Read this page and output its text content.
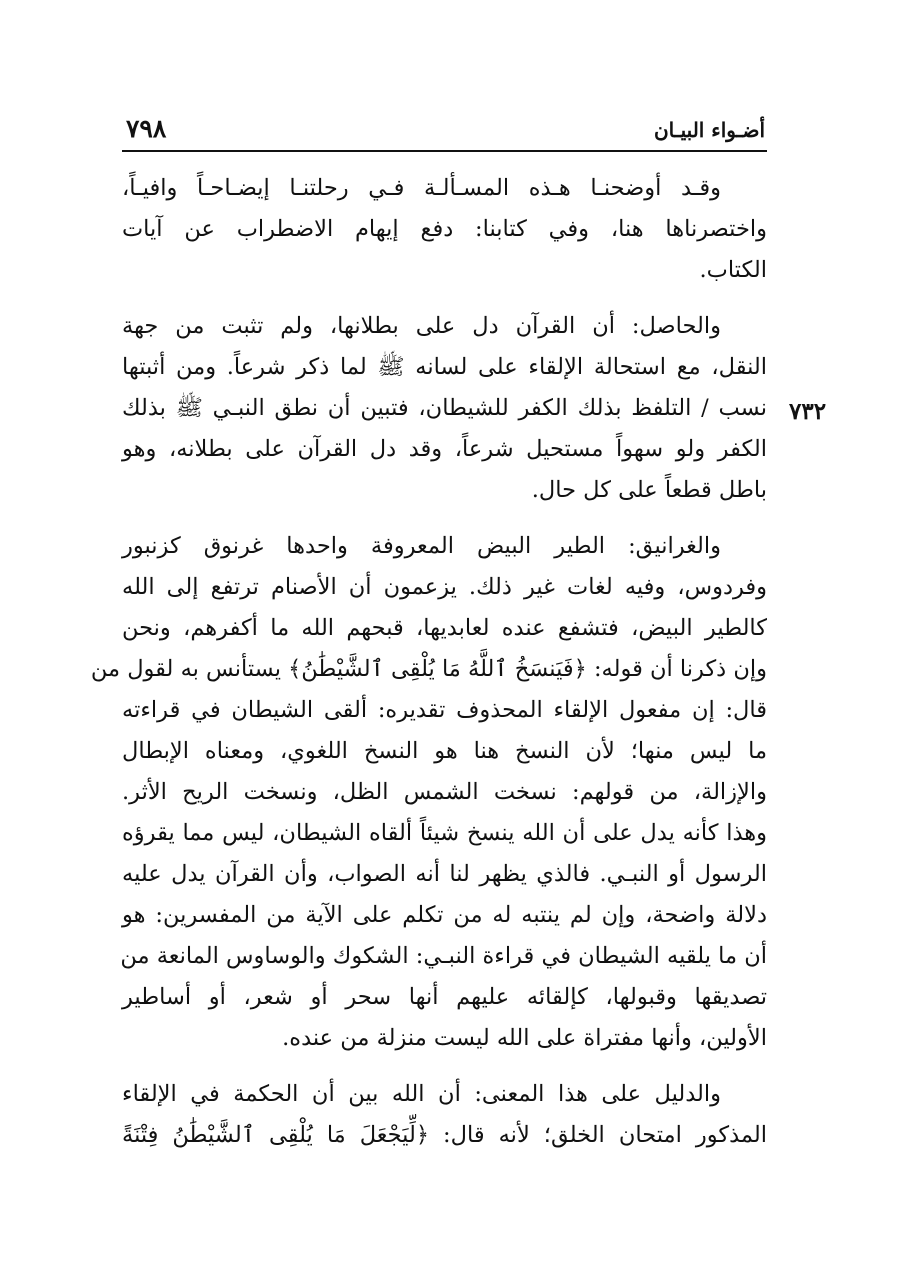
أضـواء البيـان
٧٩٨
٧٣٢

وقـد أوضحنـا هـذه المسـألـة فـي رحلتنـا إيضـاحـاً وافيـاً،
واختصرناها هنا، وفي كتابنا: دفع إيهام الاضطراب عن آيات
الكتاب.

والحاصل: أن القرآن دل على بطلانها، ولم تثبت من جهة
النقل، مع استحالة الإلقاء على لسانه ﷺ لما ذكر شرعاً. ومن أثبتها
نسب / التلفظ بذلك الكفر للشيطان، فتبين أن نطق النبـي ﷺ بذلك
الكفر ولو سهواً مستحيل شرعاً، وقد دل القرآن على بطلانه، وهو
باطل قطعاً على كل حال.

والغرانيق: الطير البيض المعروفة واحدها غرنوق كزنبور
وفردوس، وفيه لغات غير ذلك. يزعمون أن الأصنام ترتفع إلى الله
كالطير البيض، فتشفع عنده لعابديها، قبحهم الله ما أكفرهم، ونحن
وإن ذكرنا أن قوله: ﴿فَيَنسَخُ ٱللَّهُ مَا يُلْقِى ٱلشَّيْطَٰنُ﴾ يستأنس به لقول من
قال: إن مفعول الإلقاء المحذوف تقديره: ألقى الشيطان في قراءته
ما ليس منها؛ لأن النسخ هنا هو النسخ اللغوي، ومعناه الإبطال
والإزالة، من قولهم: نسخت الشمس الظل، ونسخت الريح الأثر.
وهذا كأنه يدل على أن الله ينسخ شيئاً ألقاه الشيطان، ليس مما يقرؤه
الرسول أو النبـي. فالذي يظهر لنا أنه الصواب، وأن القرآن يدل عليه
دلالة واضحة، وإن لم ينتبه له من تكلم على الآية من المفسرين: هو
أن ما يلقيه الشيطان في قراءة النبـي: الشكوك والوساوس المانعة من
تصديقها وقبولها، كإلقائه عليهم أنها سحر أو شعر، أو أساطير
الأولين، وأنها مفتراة على الله ليست منزلة من عنده.

والدليل على هذا المعنى: أن الله بين أن الحكمة في الإلقاء
المذكور امتحان الخلق؛ لأنه قال: ﴿لِّيَجْعَلَ مَا يُلْقِى ٱلشَّيْطَٰنُ فِتْنَةً
